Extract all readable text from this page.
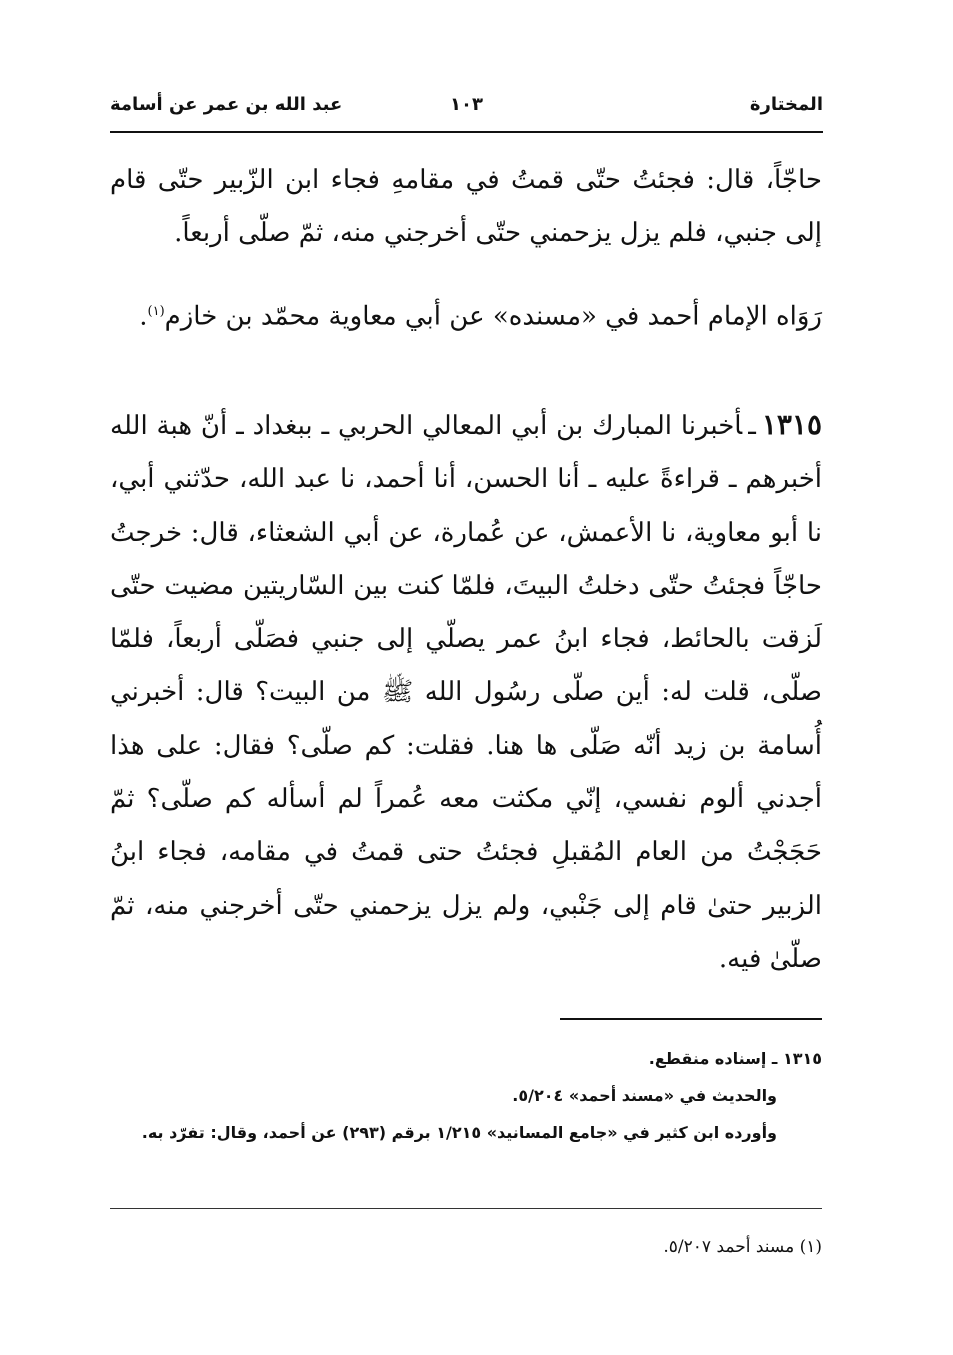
المختارة
١٠٣
عبد الله بن عمر عن أسامة

حاجّاً، قال: فجئتُ حتّى قمتُ في مقامهِ فجاء ابن الزّبير حتّى قام إلى جنبي، فلم يزل يزحمني حتّى أخرجني منه، ثمّ صلّى أربعاً.

رَوَاه الإمام أحمد في «مسنده» عن أبي معاوية محمّد بن خازم$^{(١)}$.

١٣١٥ـأخبرنا المبارك بن أبي المعالي الحربي ـ ببغداد ـ أنّ هبة الله أخبرهم ـ قراءةً عليه ـ أنا الحسن، أنا أحمد، نا عبد الله، حدّثني أبي، نا أبو معاوية، نا الأعمش، عن عُمارة، عن أبي الشعثاء، قال: خرجتُ حاجّاً فجئتُ حتّى دخلتُ البيتَ، فلمّا كنت بين السّاريتين مضيت حتّى لَزقت بالحائط، فجاء ابنُ عمر يصلّي إلى جنبي فصَلّى أربعاً، فلمّا صلّى، قلت له: أين صلّى رسُول الله ﷺ من البيت؟ قال: أخبرني أُسامة بن زيد أنّه صَلّى ها هنا. فقلت: كم صلّى؟ فقال: على هذا أجدني ألوم نفسي، إنّي مكثت معه عُمراً لم أسأله كم صلّى؟ ثمّ حَجَجْتُ من العام المُقبلِ فجئتُ حتى قمتُ في مقامه، فجاء ابنُ الزبير حتىٰ قام إلى جَنْبي، ولم يزل يزحمني حتّى أخرجني منه، ثمّ صلّىٰ فيه.

١٣١٥ ـ إسناده منقطع.

والحديث في «مسند أحمد» ٥/٢٠٤.

وأورده ابن كثير في «جامع المسانيد» ١/٢١٥ برقم (٢٩٣) عن أحمد، وقال: تفرّد به.

(١) مسند أحمد ٥/٢٠٧.
